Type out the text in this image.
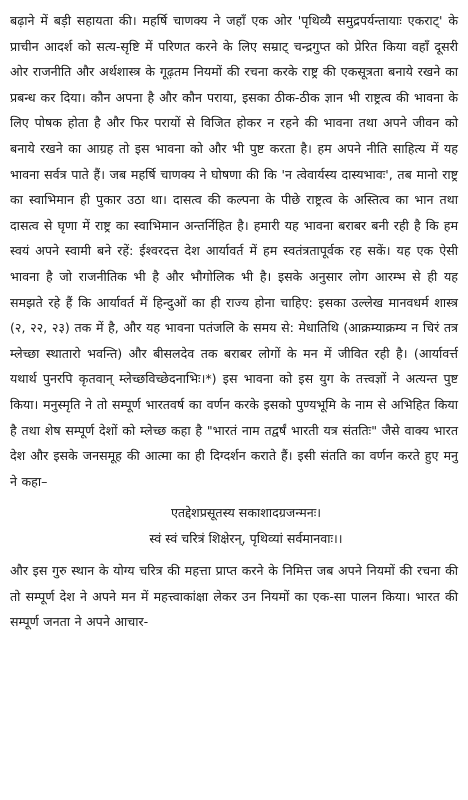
बढ़ाने में बड़ी सहायता की। महर्षि चाणक्य ने जहाँ एक ओर 'पृथिव्यै समुद्रपर्यन्तायाः एकराट्' के प्राचीन आदर्श को सत्य-सृष्टि में परिणत करने के लिए सम्राट् चन्द्रगुप्त को प्रेरित किया वहाँ दूसरी ओर राजनीति और अर्थशास्त्र के गूढ़तम नियमों की रचना करके राष्ट्र की एकसूत्रता बनाये रखने का प्रबन्ध कर दिया। कौन अपना है और कौन पराया, इसका ठीक-ठीक ज्ञान भी राष्ट्रत्व की भावना के लिए पोषक होता है और फिर परायों से विजित होकर न रहने की भावना तथा अपने जीवन को बनाये रखने का आग्रह तो इस भावना को और भी पुष्ट करता है। हम अपने नीति साहित्य में यह भावना सर्वत्र पाते हैं। जब महर्षि चाणक्य ने घोषणा की कि 'न त्वेवार्यस्य दास्यभावः', तब मानो राष्ट्र का स्वाभिमान ही पुकार उठा था। दासत्व की कल्पना के पीछे राष्ट्रत्व के अस्तित्व का भान तथा दासत्व से घृणा में राष्ट्र का स्वाभिमान अन्तर्निहित है। हमारी यह भावना बराबर बनी रही है कि हम स्वयं अपने स्वामी बने रहें: ईश्वरदत्त देश आर्यावर्त में हम स्वतंत्रतापूर्वक रह सकें। यह एक ऐसी भावना है जो राजनीतिक भी है और भौगोलिक भी है। इसके अनुसार लोग आरम्भ से ही यह समझते रहे हैं कि आर्यावर्त में हिन्दुओं का ही राज्य होना चाहिए: इसका उल्लेख मानवधर्म शास्त्र (२, २२, २३) तक में है, और यह भावना पतंजलि के समय से: मेधातिथि (आक्रम्याक्रम्य न चिरं तत्र म्लेच्छा स्थातारो भवन्ति) और बीसलदेव तक बराबर लोगों के मन में जीवित रही है। (आर्यावर्त्त यथार्थ पुनरपि कृतवान् म्लेच्छविच्छेदनाभिः।*) इस भावना को इस युग के तत्त्वज्ञों ने अत्यन्त पुष्ट किया। मनुस्मृति ने तो सम्पूर्ण भारतवर्ष का वर्णन करके इसको पुण्यभूमि के नाम से अभिहित किया है तथा शेष सम्पूर्ण देशों को म्लेच्छ कहा है "भारतं नाम तद्वर्षं भारती यत्र संततिः" जैसे वाक्य भारत देश और इसके जनसमूह की आत्मा का ही दिग्दर्शन कराते हैं। इसी संतति का वर्णन करते हुए मनु ने कहा–

एतद्देशप्रसूतस्य सकाशादग्रजन्मनः।

स्वं स्वं चरित्रं शिक्षेरन्, पृथिव्यां सर्वमानवाः।।

और इस गुरु स्थान के योग्य चरित्र की महत्ता प्राप्त करने के निमित्त जब अपने नियमों की रचना की तो सम्पूर्ण देश ने अपने मन में महत्त्वाकांक्षा लेकर उन नियमों का एक-सा पालन किया। भारत की सम्पूर्ण जनता ने अपने आचार-
